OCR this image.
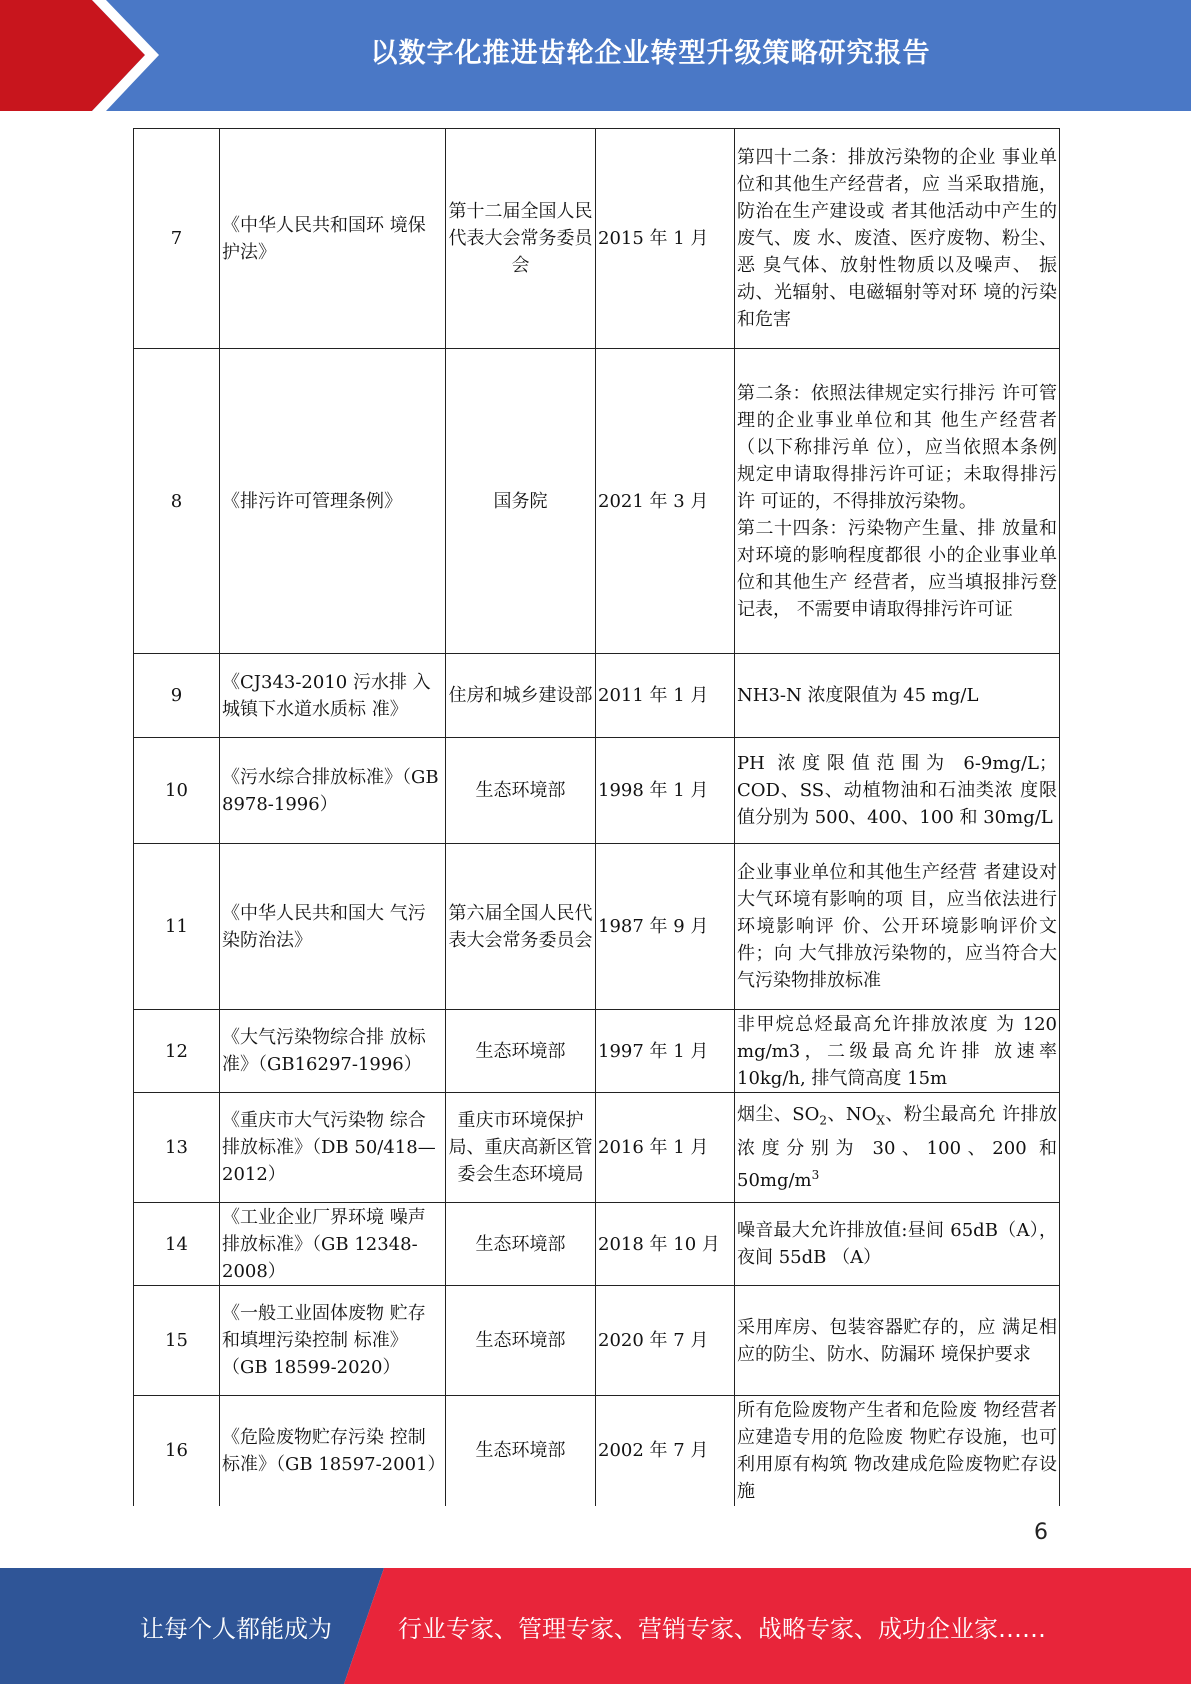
以数字化推进齿轮企业转型升级策略研究报告
7	《中华人民共和国环 境保护法》	第十二届全国人民代表大会常务委员会	2015 年 1 月	第四十二条：排放污染物的企业 事业单位和其他生产经营者，应 当采取措施，防治在生产建设或 者其他活动中产生的废气、废 水、废渣、医疗废物、粉尘、恶 臭气体、放射性物质以及噪声、 振动、光辐射、电磁辐射等对环 境的污染和危害
8	《排污许可管理条例》	国务院	2021 年 3 月	第二条：依照法律规定实行排污 许可管理的企业事业单位和其 他生产经营者（以下称排污单 位），应当依照本条例规定申请取得排污许可证；未取得排污许 可证的，不得排放污染物。
第二十四条：污染物产生量、排 放量和对环境的影响程度都很 小的企业事业单位和其他生产 经营者，应当填报排污登记表， 不需要申请取得排污许可证

9	《CJ343-2010 污水排 入城镇下水道水质标 准》	住房和城乡建设部	2011 年 1 月	NH3-N 浓度限值为 45 mg/L
10	《污水综合排放标准》（GB 8978-1996）	生态环境部	1998 年 1 月	PH 浓度限值范围为 6-9mg/L； COD、SS、动植物油和石油类浓 度限值分别为 500、400、100 和 30mg/L
11	《中华人民共和国大 气污染防治法》	第六届全国人民代表大会常务委员会	1987 年 9 月	企业事业单位和其他生产经营 者建设对大气环境有影响的项 目，应当依法进行环境影响评 价、公开环境影响评价文件；向 大气排放污染物的，应当符合大 气污染物排放标准
12	《大气污染物综合排 放标准》（GB16297-1996）	生态环境部	1997 年 1 月	非甲烷总烃最高允许排放浓度 为 120 mg/m3，二级最高允许排 放速率 10kg/h, 排气筒高度 15m
13	《重庆市大气污染物 综合排放标准》（DB 50/418—2012）	重庆市环境保护局、重庆高新区管委会生态环境局	2016 年 1 月	烟尘、$SO_2$、$NO_X$、粉尘最高允 许排放浓度分别为 30、100、200 和 $50mg/m^3$
14	《工业企业厂界环境 噪声排放标准》（GB 12348-2008）	生态环境部	2018 年 10 月	噪音最大允许排放值:昼间 65dB（A），夜间 55dB （A）
15	《一般工业固体废物 贮存和填埋污染控制 标准》（GB 18599-2020）	生态环境部	2020 年 7 月	采用库房、包装容器贮存的，应 满足相应的防尘、防水、防漏环 境保护要求
16	《危险废物贮存污染 控制标准》（GB 18597-2001）	生态环境部	2002 年 7 月	所有危险废物产生者和危险废 物经营者应建造专用的危险废 物贮存设施，也可利用原有构筑 物改建成危险废物贮存设施
6
让每个人都能成为	行业专家、管理专家、营销专家、战略专家、成功企业家……
